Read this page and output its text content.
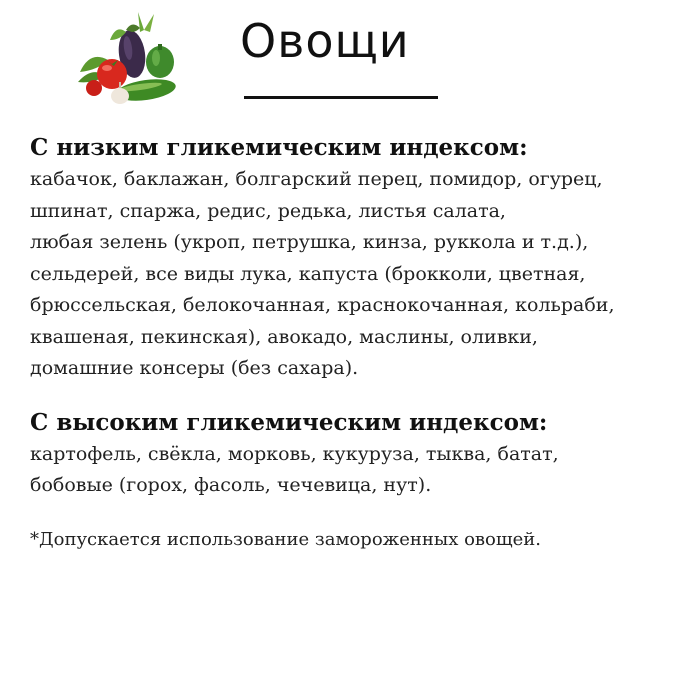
Овощи
С низким гликемическим индексом:
кабачок, баклажан, болгарский перец, помидор, огурец,
шпинат, спаржа, редис, редька, листья салата,
любая зелень (укроп, петрушка, кинза, руккола и т.д.),
сельдерей, все виды лука, капуста (брокколи, цветная,
брюссельская, белокочанная, краснокочанная, кольраби,
квашеная, пекинская), авокадо, маслины, оливки,
домашние консеры (без сахара).
С высоким гликемическим индексом:
картофель, свёкла, морковь, кукуруза, тыква, батат,
бобовые (горох, фасоль, чечевица, нут).
*Допускается использование замороженных овощей.
